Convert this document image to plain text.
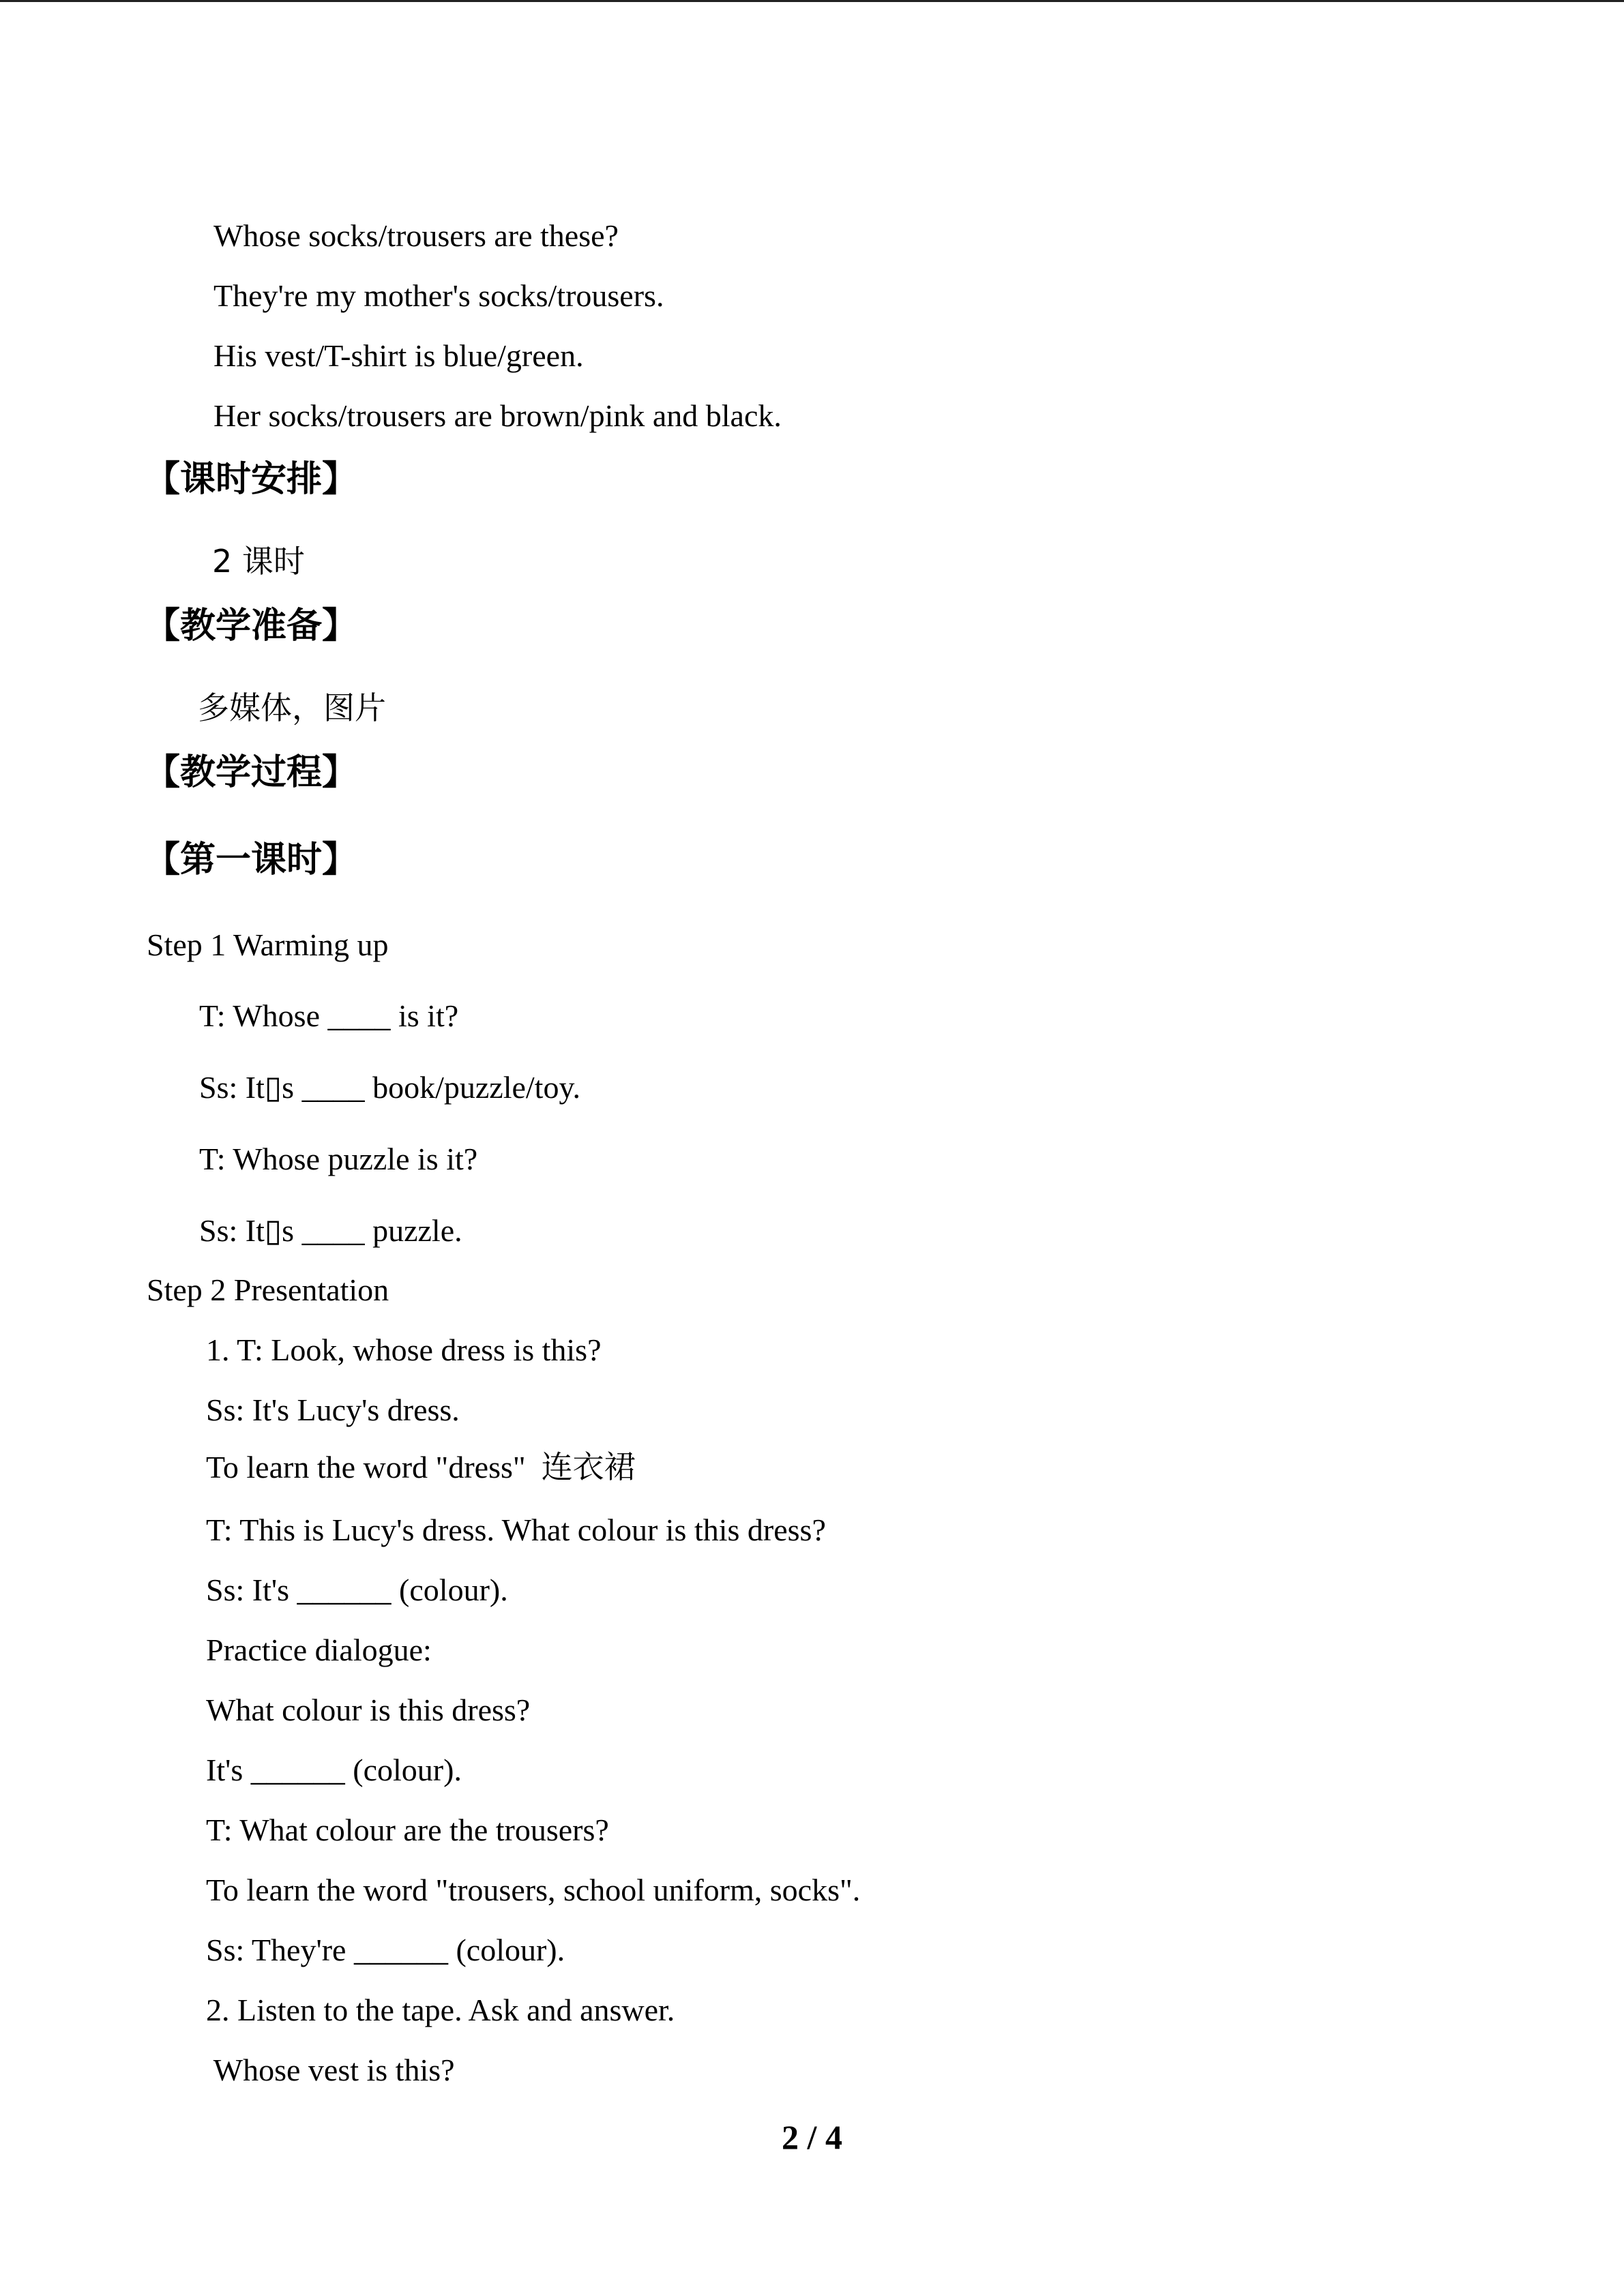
Whose socks/trousers are these?
They're my mother's socks/trousers.
His vest/T-shirt is blue/green.
Her socks/trousers are brown/pink and black.
【课时安排】
2 课时
【教学准备】
多媒体，图片
【教学过程】
【第一课时】
Step 1 Warming up
T: Whose ____ is it?
Ss: It▯s ____ book/puzzle/toy.
T: Whose puzzle is it?
Ss: It▯s ____ puzzle.
Step 2 Presentation
1. T: Look, whose dress is this?
Ss: It's Lucy's dress.
To learn the word "dress"  连衣裙
T: This is Lucy's dress. What colour is this dress?
Ss: It's ______ (colour).
Practice dialogue:
What colour is this dress?
It's ______ (colour).
T: What colour are the trousers?
To learn the word "trousers, school uniform, socks".
Ss: They're ______ (colour).
2. Listen to the tape. Ask and answer.
Whose vest is this?
2 / 4
